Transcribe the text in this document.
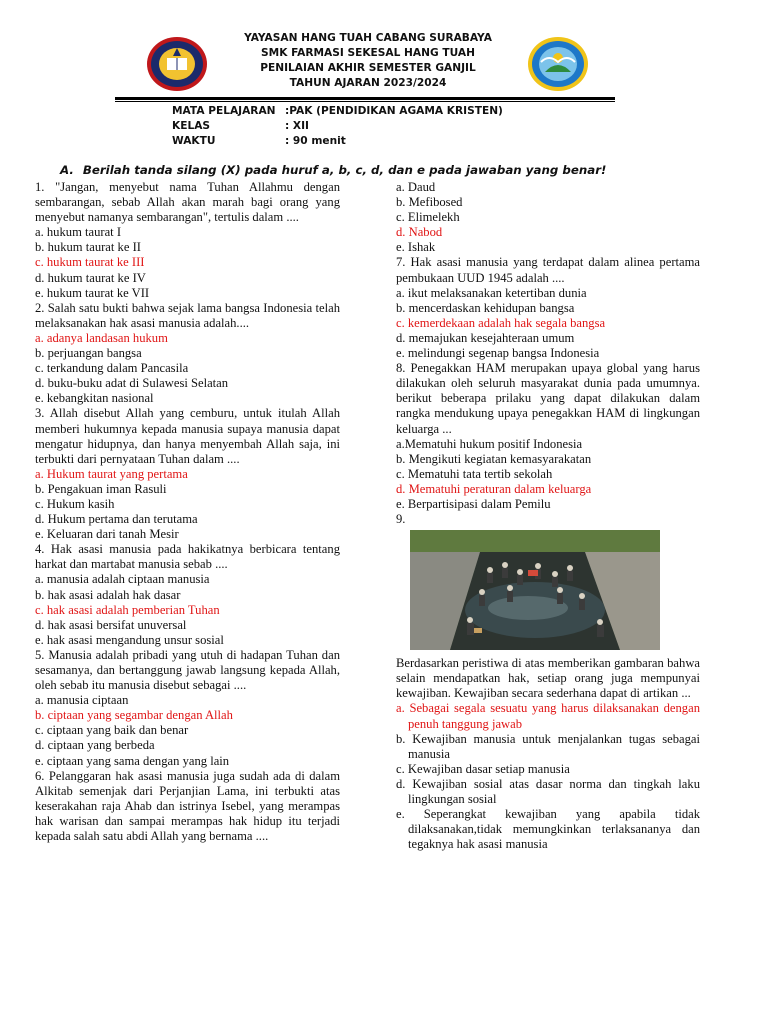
YAYASAN HANG TUAH CABANG SURABAYA
SMK FARMASI SEKESAL HANG TUAH
PENILAIAN AKHIR SEMESTER GANJIL
TAHUN AJARAN 2023/2024
MATA PELAJARAN :PAK (PENDIDIKAN AGAMA KRISTEN)
KELAS	: XII
WAKTU	: 90 menit
A. Berilah tanda silang (X) pada huruf a, b, c, d, dan e pada jawaban yang benar!

1. "Jangan, menyebut nama Tuhan Allahmu dengan sembarangan, sebab Allah akan marah bagi orang yang menyebut namanya sembarangan", tertulis dalam ....

a. hukum taurat I

b. hukum taurat ke II

c. hukum taurat ke III

d. hukum taurat ke IV

e. hukum taurat ke VII

2. Salah satu bukti bahwa sejak lama bangsa Indonesia telah melaksanakan hak asasi manusia adalah....

a. adanya landasan hukum

b. perjuangan bangsa

c. terkandung dalam Pancasila

d. buku-buku adat di Sulawesi Selatan

e. kebangkitan nasional

3. Allah disebut Allah yang cemburu, untuk itulah Allah memberi hukumnya kepada manusia supaya manusia dapat mengatur hidupnya, dan hanya menyembah Allah saja, ini terbukti dari pernyataan Tuhan dalam ....

a. Hukum taurat yang pertama

b. Pengakuan iman Rasuli

c. Hukum kasih

d. Hukum pertama dan terutama

e. Keluaran dari tanah Mesir

4. Hak asasi manusia pada hakikatnya berbicara tentang harkat dan martabat manusia sebab ....

a. manusia adalah ciptaan manusia

b. hak asasi adalah hak dasar

c. hak asasi adalah pemberian Tuhan

d. hak asasi bersifat unuversal

e. hak asasi mengandung unsur sosial

5. Manusia adalah pribadi yang utuh di hadapan Tuhan dan sesamanya, dan bertanggung jawab langsung kepada Allah, oleh sebab itu manusia disebut sebagai ....

a. manusia ciptaan

b. ciptaan yang segambar dengan Allah

c. ciptaan yang baik dan benar

d. ciptaan yang berbeda

e. ciptaan yang sama dengan yang lain

6. Pelanggaran hak asasi manusia juga sudah ada di dalam Alkitab semenjak dari Perjanjian Lama, ini terbukti atas keserakahan raja Ahab dan istrinya Isebel, yang merampas hak warisan dan sampai merampas hak hidup itu terjadi kepada salah satu abdi Allah yang bernama ....

a. Daud

b. Mefibosed

c. Elimelekh

d. Nabod

e. Ishak

7. Hak asasi manusia yang terdapat dalam alinea pertama pembukaan UUD 1945 adalah ....

a. ikut melaksanakan ketertiban dunia

b. mencerdaskan kehidupan bangsa

c. kemerdekaan adalah hak segala bangsa

d. memajukan kesejahteraan umum

e. melindungi segenap bangsa Indonesia

8. Penegakkan HAM merupakan upaya global yang harus dilakukan oleh seluruh masyarakat dunia pada umumnya. berikut beberapa prilaku yang dapat dilakukan dalam rangka mendukung upaya penegakkan HAM di lingkungan keluarga ...

a.Mematuhi hukum positif Indonesia

b. Mengikuti kegiatan kemasyarakatan

c. Mematuhi tata tertib sekolah

d. Mematuhi peraturan dalam keluarga

e. Berpartisipasi dalam Pemilu

9.

Berdasarkan peristiwa di atas memberikan gambaran bahwa selain mendapatkan hak, setiap orang juga mempunyai kewajiban. Kewajiban secara sederhana dapat di artikan ...

a. Sebagai segala sesuatu yang harus dilaksanakan dengan penuh tanggung jawab

b. Kewajiban manusia untuk menjalankan tugas sebagai manusia

c. Kewajiban dasar setiap manusia

d. Kewajiban sosial atas dasar norma dan tingkah laku lingkungan sosial

e. Seperangkat kewajiban yang apabila tidak dilaksanakan,tidak memungkinkan terlaksananya dan tegaknya hak asasi manusia
